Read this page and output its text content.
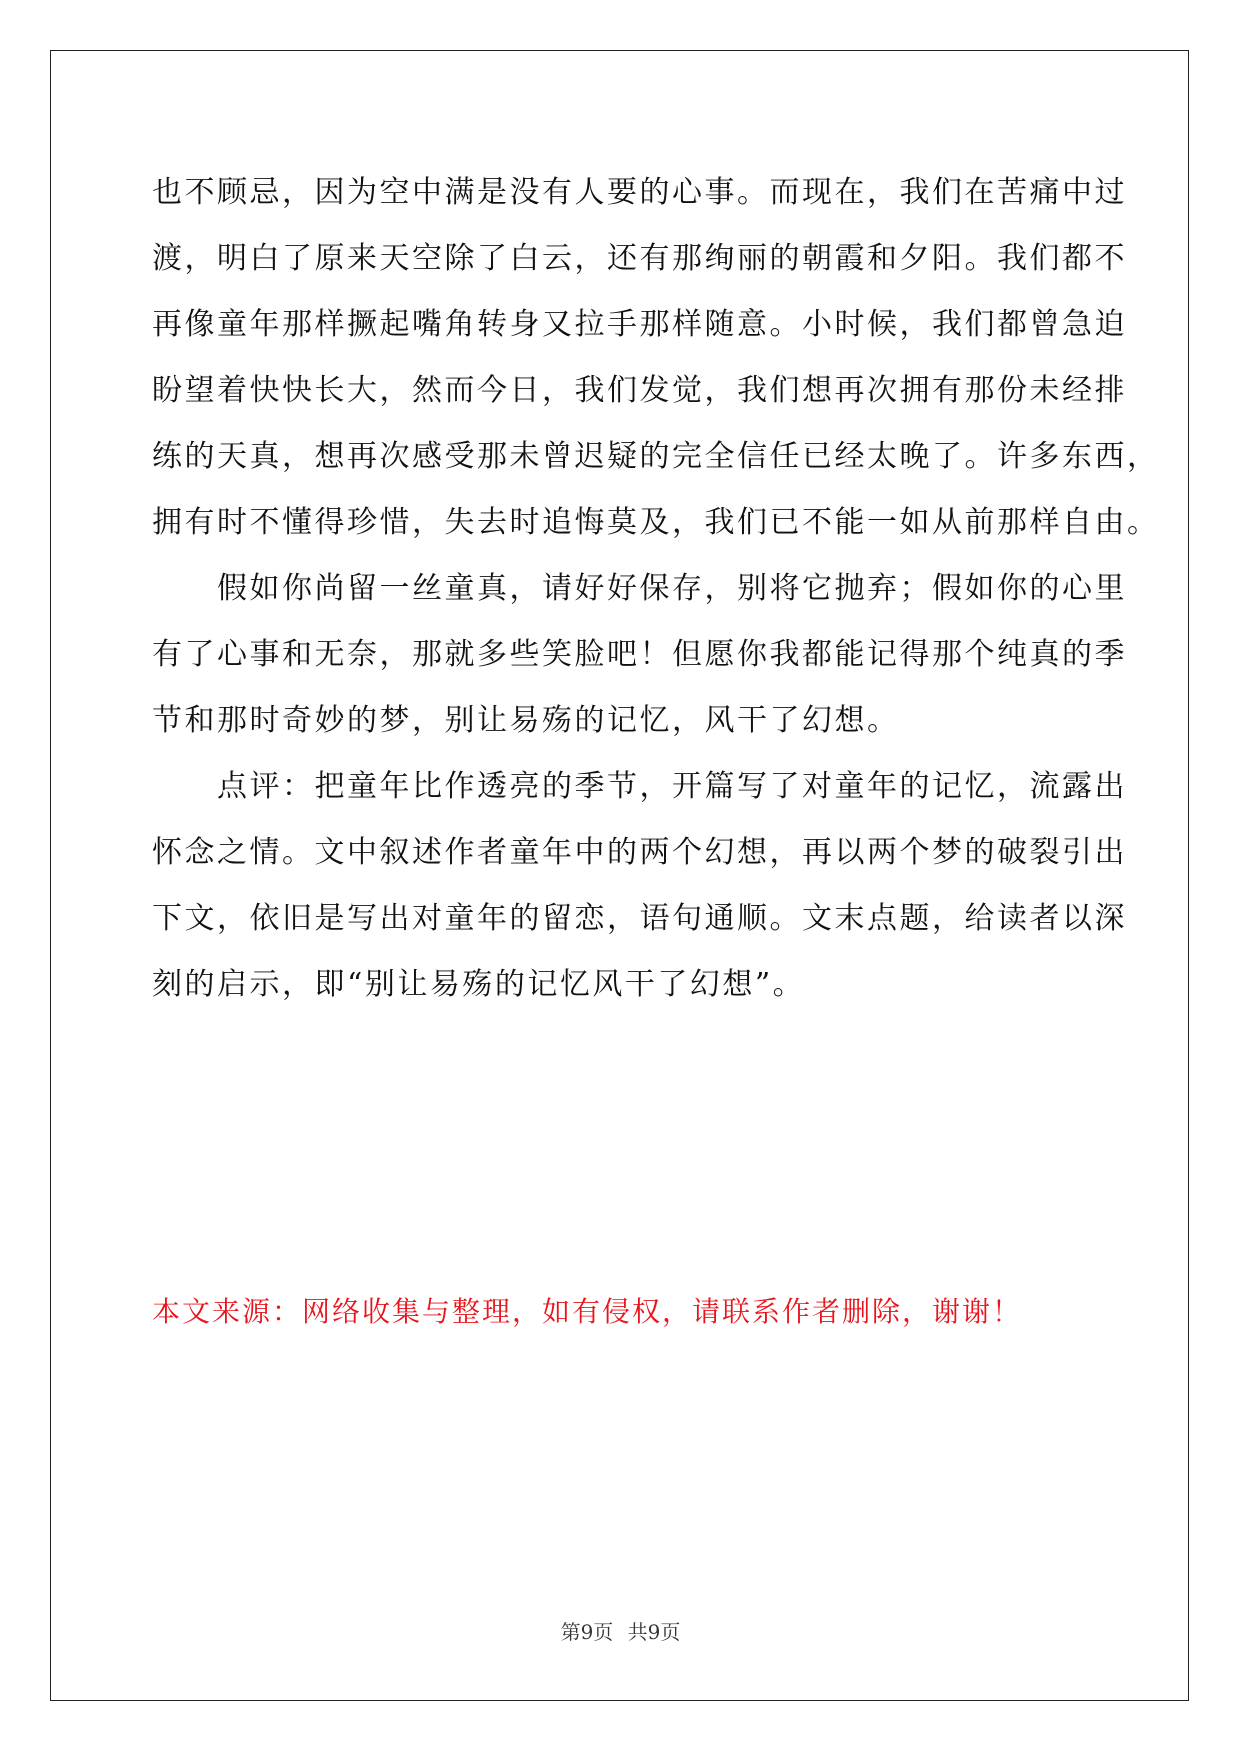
也不顾忌，因为空中满是没有人要的心事。而现在，我们在苦痛中过
渡，明白了原来天空除了白云，还有那绚丽的朝霞和夕阳。我们都不
再像童年那样撅起嘴角转身又拉手那样随意。小时候，我们都曾急迫
盼望着快快长大，然而今日，我们发觉，我们想再次拥有那份未经排
练的天真，想再次感受那未曾迟疑的完全信任已经太晚了。许多东西，
拥有时不懂得珍惜，失去时追悔莫及，我们已不能一如从前那样自由。
　　假如你尚留一丝童真，请好好保存，别将它抛弃；假如你的心里
有了心事和无奈，那就多些笑脸吧！但愿你我都能记得那个纯真的季
节和那时奇妙的梦，别让易殇的记忆，风干了幻想。
　　点评：把童年比作透亮的季节，开篇写了对童年的记忆，流露出
怀念之情。文中叙述作者童年中的两个幻想，再以两个梦的破裂引出
下文，依旧是写出对童年的留恋，语句通顺。文末点题，给读者以深
刻的启示，即“别让易殇的记忆风干了幻想”。
本文来源：网络收集与整理，如有侵权，请联系作者删除，谢谢！
第9页 共9页
